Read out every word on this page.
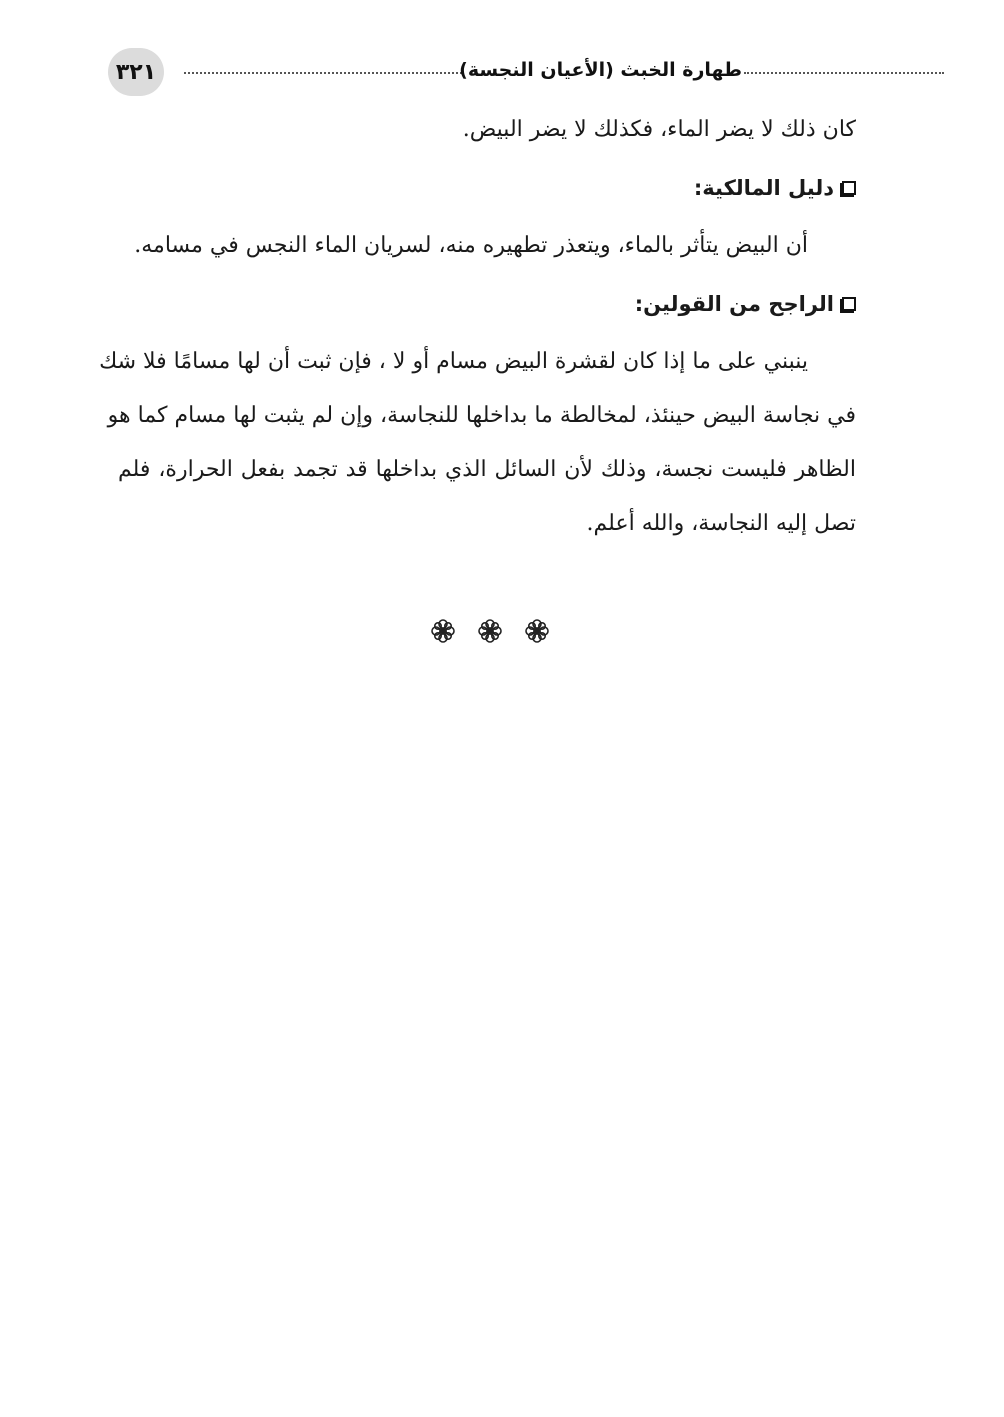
٣٢١	طهارة الخبث (الأعيان النجسة)
كان ذلك لا يضر الماء، فكذلك لا يضر البيض.
دليل المالكية:
أن البيض يتأثر بالماء، ويتعذر تطهيره منه، لسريان الماء النجس في مسامه.
الراجح من القولين:
ينبني على ما إذا كان لقشرة البيض مسام أو لا ، فإن ثبت أن لها مسامًا فلا شك
في نجاسة البيض حينئذ، لمخالطة ما بداخلها للنجاسة، وإن لم يثبت لها مسام كما هو
الظاهر فليست نجسة، وذلك لأن السائل الذي بداخلها قد تجمد بفعل الحرارة، فلم
تصل إليه النجاسة، والله أعلم.
